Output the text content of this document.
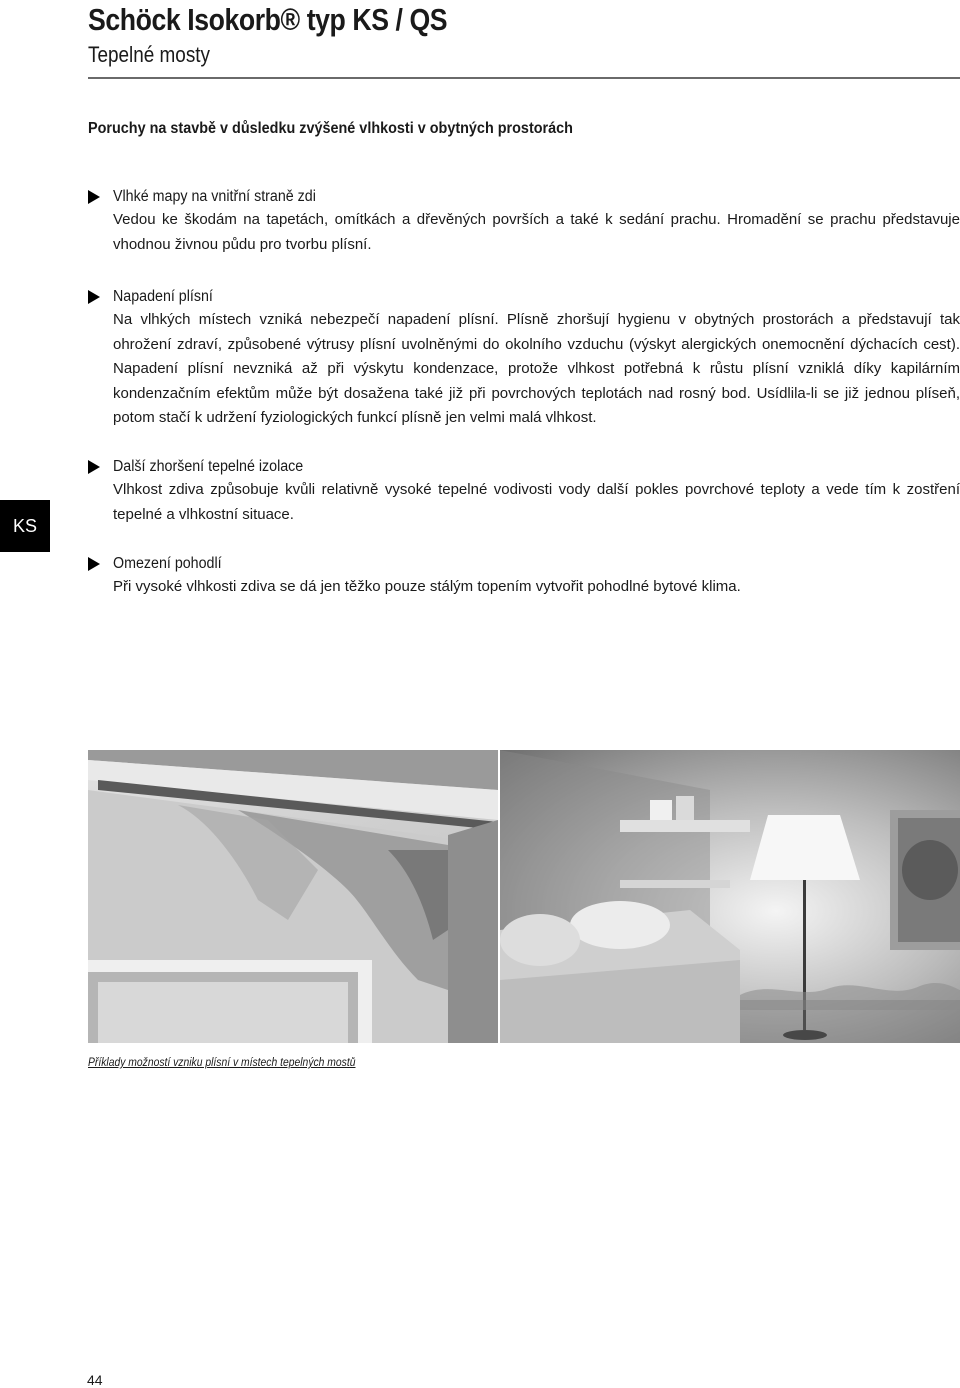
Schöck Isokorb® typ KS / QS
Tepelné mosty
Poruchy na stavbě v důsledku zvýšené vlhkosti v obytných prostorách
KS
Vlhké mapy na vnitřní straně zdi
Vedou ke škodám na tapetách, omítkách a dřevěných površích a také k sedání prachu. Hromadění se prachu představuje vhodnou živnou půdu pro tvorbu plísní.
Napadení plísní
Na vlhkých místech vzniká nebezpečí napadení plísní. Plísně zhoršují hygienu v obytných prostorách a představují tak ohrožení zdraví, způsobené výtrusy plísní uvolněnými do okolního vzduchu (výskyt alergických onemocnění dýchacích cest). Napadení plísní nevzniká až při výskytu kondenzace, protože vlhkost potřebná k růstu plísní vzniklá díky kapilárním kondenzačním efektům může být dosažena také již při povrchových teplotách nad rosný bod. Usídlila-li se již jednou plíseň, potom stačí k udržení fyziologických funkcí plísně jen velmi malá vlhkost.
Další zhoršení tepelné izolace
Vlhkost zdiva způsobuje kvůli relativně vysoké tepelné vodivosti vody další pokles povrchové teploty a vede tím k zostření tepelné a vlhkostní situace.
Omezení pohodlí
Při vysoké vlhkosti zdiva se dá jen těžko pouze stálým topením vytvořit pohodlné bytové klima.
Příklady možností vzniku plísní v místech tepelných mostů
44
